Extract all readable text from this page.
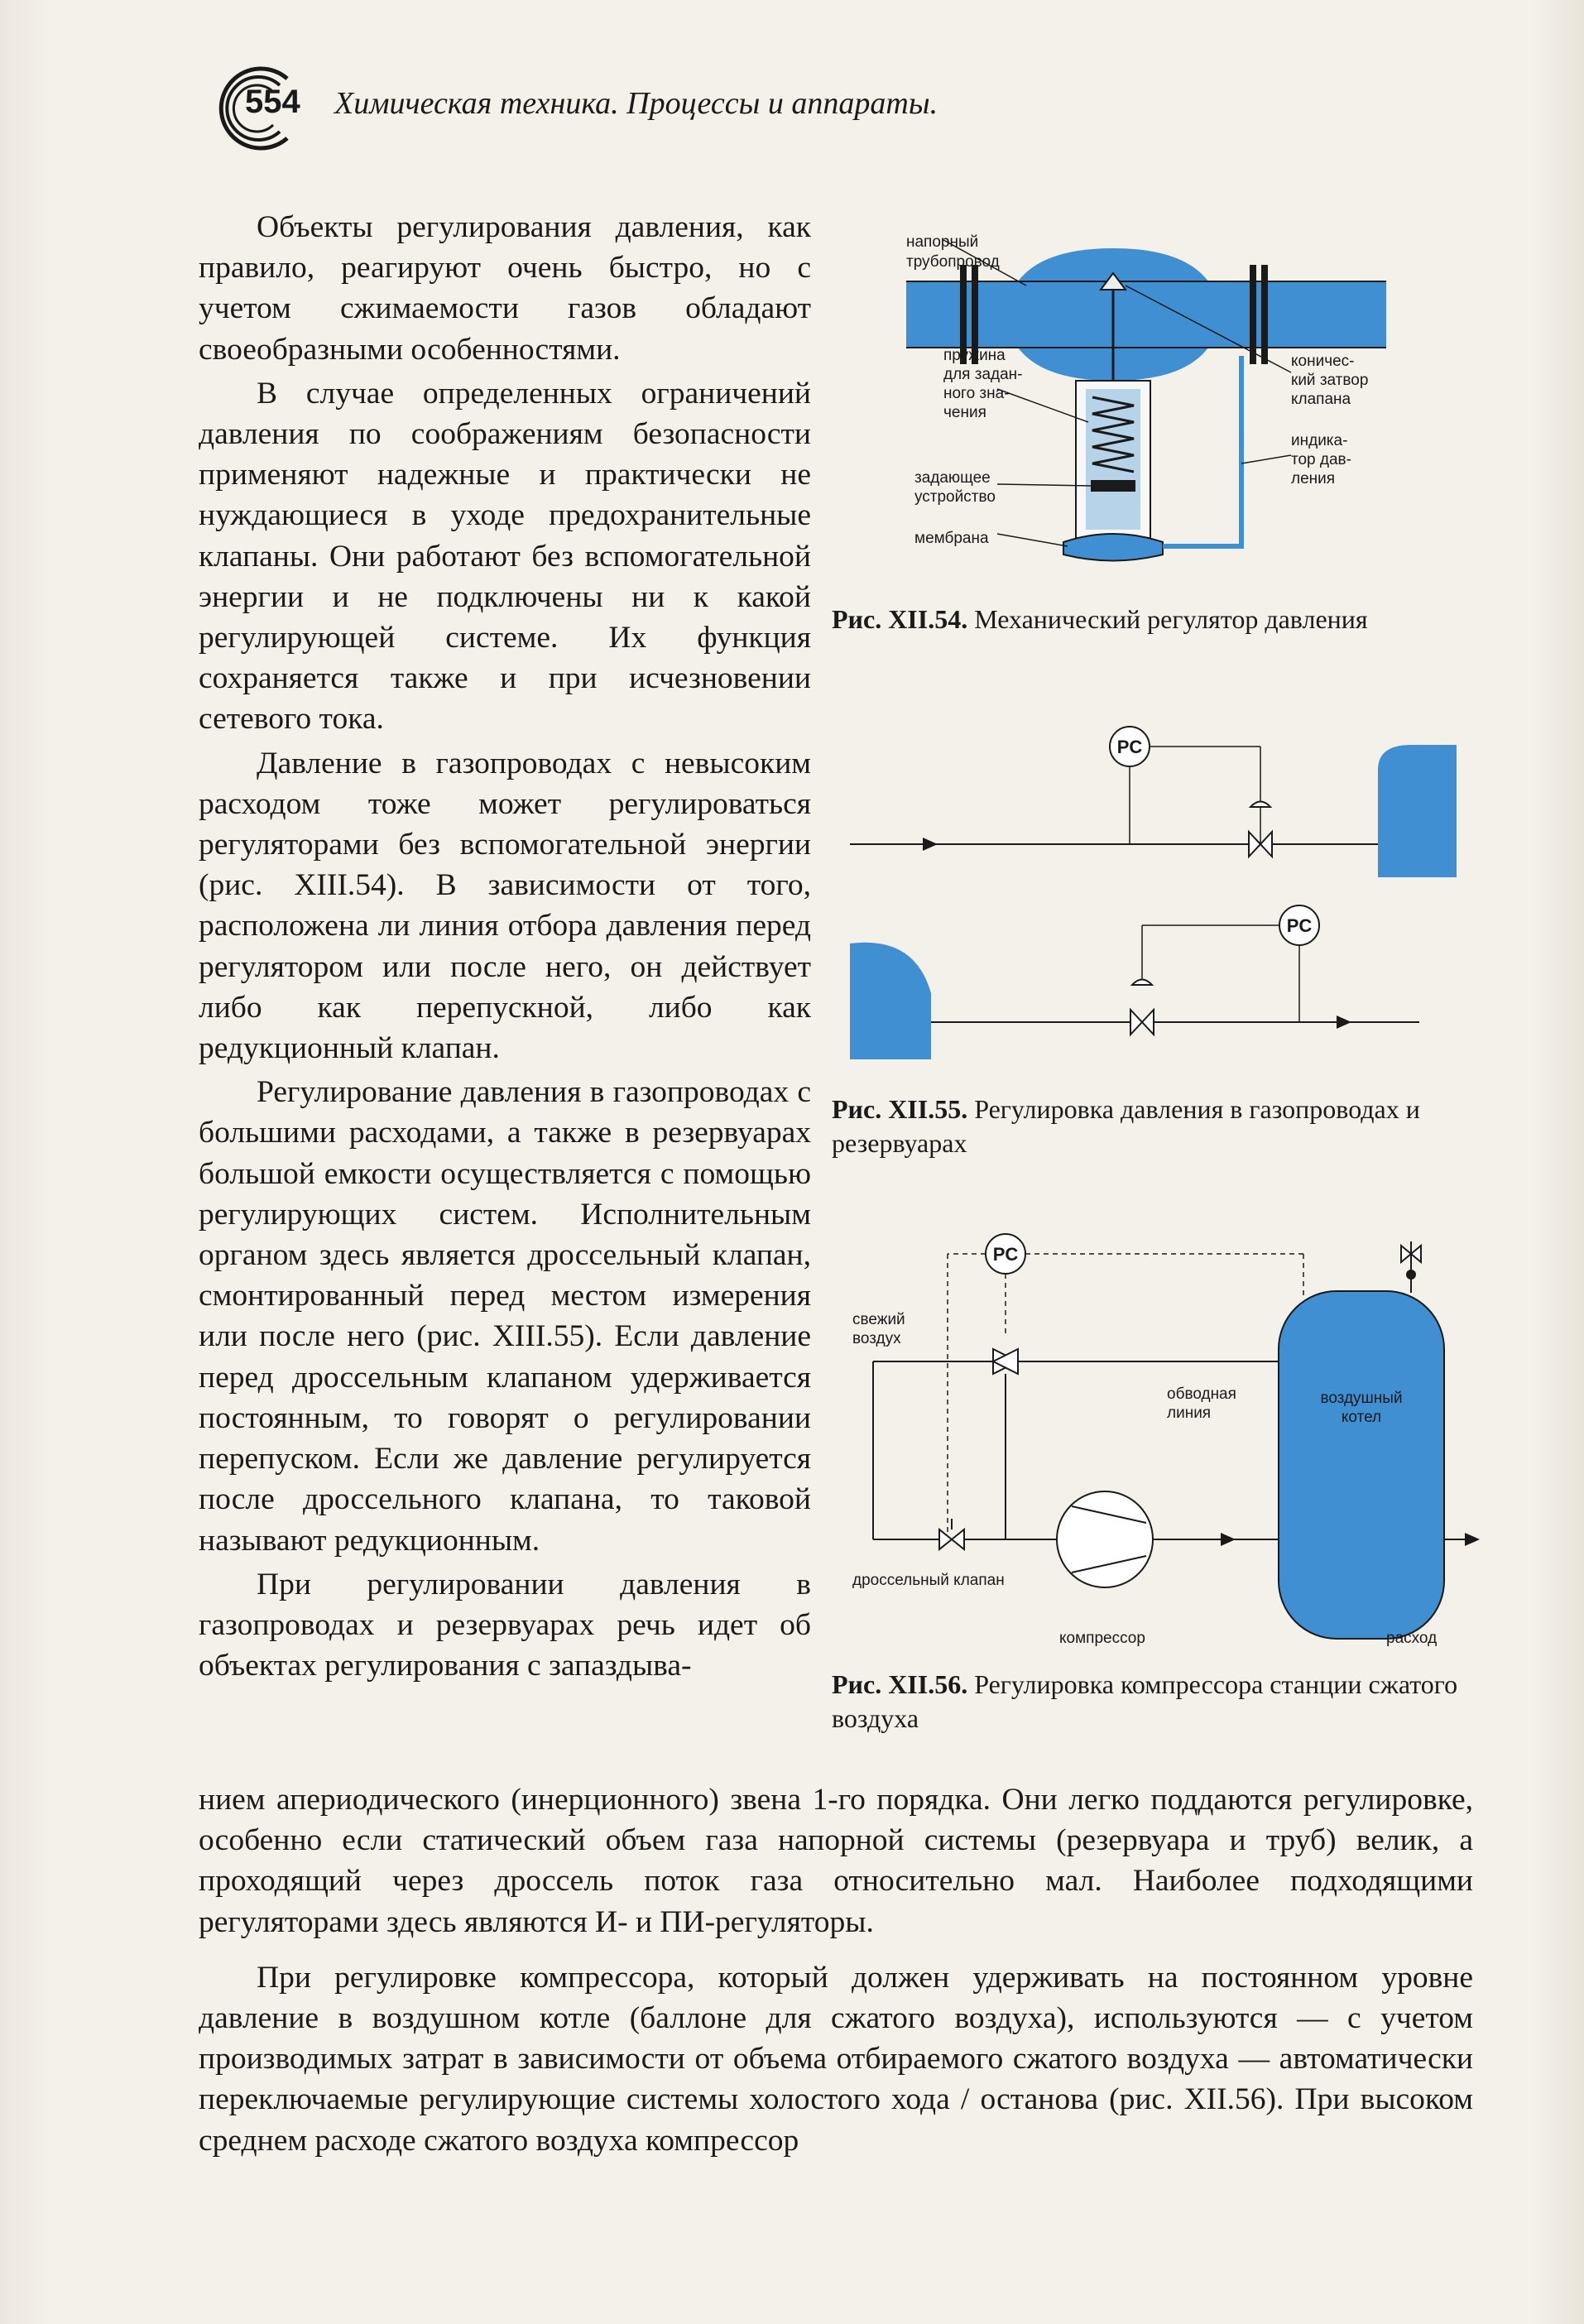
554 Химическая техника. Процессы и аппараты.

Объекты регулирования давления, как правило, реагируют очень быстро, но с учетом сжимаемости газов обладают своеобразными особенностями.

В случае определенных ограничений давления по соображениям безопасности применяют надежные и практически не нуждающиеся в уходе предохранительные клапаны. Они работают без вспомогательной энергии и не подключены ни к какой регулирующей системе. Их функция сохраняется также и при исчезновении сетевого тока.

Давление в газопроводах с невысоким расходом тоже может регулироваться регуляторами без вспомогательной энергии (рис. XIII.54). В зависимости от того, расположена ли линия отбора давления перед регулятором или после него, он действует либо как перепускной, либо как редукционный клапан.

Регулирование давления в газопроводах с большими расходами, а также в резервуарах большой емкости осуществляется с помощью регулирующих систем. Исполнительным органом здесь является дроссельный клапан, смонтированный перед местом измерения или после него (рис. XIII.55). Если давление перед дроссельным клапаном удерживается постоянным, то говорят о регулировании перепуском. Если же давление регулируется после дроссельного клапана, то таковой называют редукционным.

При регулировании давления в газопроводах и резервуарах речь идет об объектах регулирования с запаздыва-

нием апериодического (инерционного) звена 1-го порядка. Они легко поддаются регулировке, особенно если статический объем газа напорной системы (резервуара и труб) велик, а проходящий через дроссель поток газа относительно мал. Наиболее подходящими регуляторами здесь являются И- и ПИ-регуляторы.

При регулировке компрессора, который должен удерживать на постоянном уровне давление в воздушном котле (баллоне для сжатого воздуха), используются — с учетом производимых затрат в зависимости от объема отбираемого сжатого воздуха — автоматически переключаемые регулирующие системы холостого хода / останова (рис. XII.56). При высоком среднем расходе сжатого воздуха компрессор

напорный
трубопровод
пружина
для задан-
ного зна-
чения
задающее
устройство
мембрана
коничес-
кий затвор
клапана
индика-
тор дав-
ления
Рис. XII.54. Механический регулятор давления
PC
PC
Рис. XII.55. Регулировка давления в газопроводах и резервуарах
воздушный
котел
PC
свежий
воздух
обводная
линия
дроссельный клапан
компрессор	расход
Рис. XII.56. Регулировка компрессора станции сжатого воздуха
